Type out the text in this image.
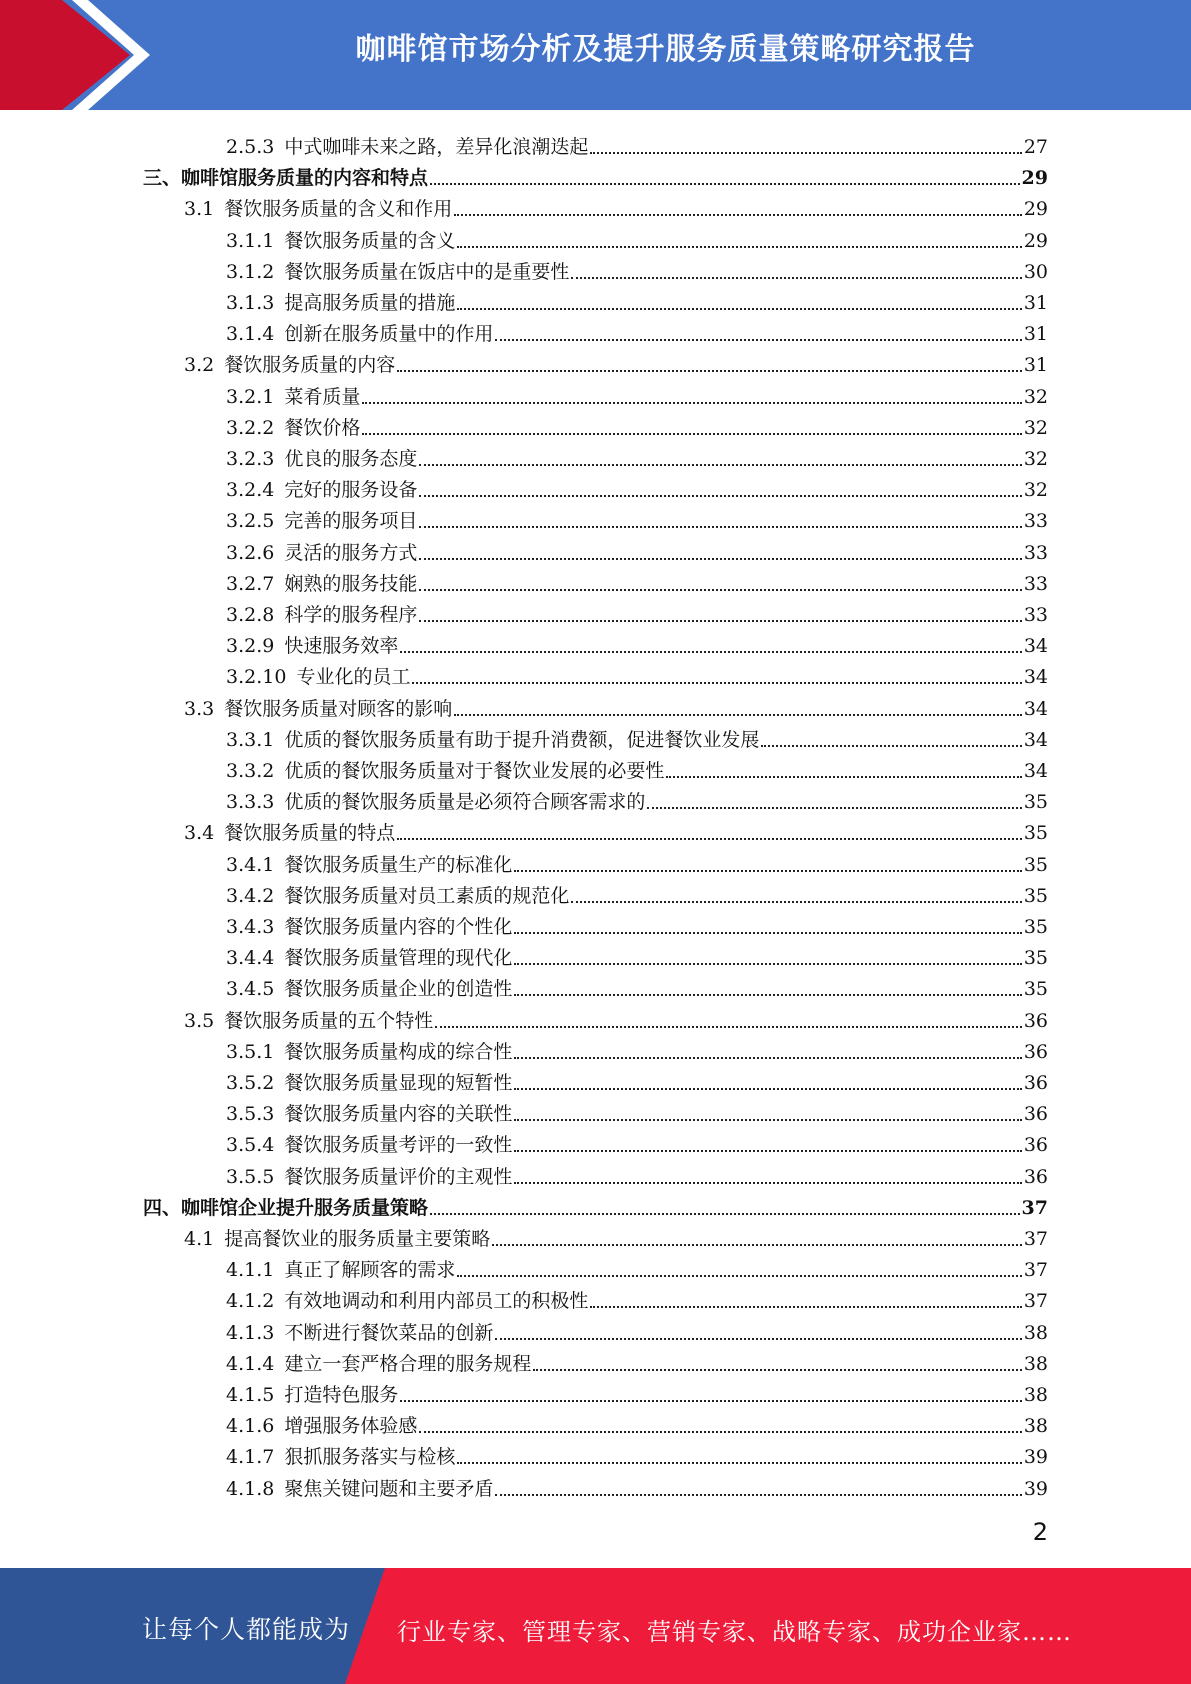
咖啡馆市场分析及提升服务质量策略研究报告
2.5.3 中式咖啡未来之路，差异化浪潮迭起	27
三、咖啡馆服务质量的内容和特点	29
3.1 餐饮服务质量的含义和作用	29
3.1.1 餐饮服务质量的含义	29
3.1.2 餐饮服务质量在饭店中的是重要性	30
3.1.3 提高服务质量的措施	31
3.1.4 创新在服务质量中的作用	31
3.2 餐饮服务质量的内容	31
3.2.1 菜肴质量	32
3.2.2 餐饮价格	32
3.2.3 优良的服务态度	32
3.2.4 完好的服务设备	32
3.2.5 完善的服务项目	33
3.2.6 灵活的服务方式	33
3.2.7 娴熟的服务技能	33
3.2.8 科学的服务程序	33
3.2.9 快速服务效率	34
3.2.10 专业化的员工	34
3.3 餐饮服务质量对顾客的影响	34
3.3.1 优质的餐饮服务质量有助于提升消费额，促进餐饮业发展	34
3.3.2 优质的餐饮服务质量对于餐饮业发展的必要性	34
3.3.3 优质的餐饮服务质量是必须符合顾客需求的	35
3.4 餐饮服务质量的特点	35
3.4.1 餐饮服务质量生产的标准化	35
3.4.2 餐饮服务质量对员工素质的规范化	35
3.4.3 餐饮服务质量内容的个性化	35
3.4.4 餐饮服务质量管理的现代化	35
3.4.5 餐饮服务质量企业的创造性	35
3.5 餐饮服务质量的五个特性	36
3.5.1 餐饮服务质量构成的综合性	36
3.5.2 餐饮服务质量显现的短暂性	36
3.5.3 餐饮服务质量内容的关联性	36
3.5.4 餐饮服务质量考评的一致性	36
3.5.5 餐饮服务质量评价的主观性	36
四、咖啡馆企业提升服务质量策略	37
4.1 提高餐饮业的服务质量主要策略	37
4.1.1 真正了解顾客的需求	37
4.1.2 有效地调动和利用内部员工的积极性	37
4.1.3 不断进行餐饮菜品的创新	38
4.1.4 建立一套严格合理的服务规程	38
4.1.5 打造特色服务	38
4.1.6 增强服务体验感	38
4.1.7 狠抓服务落实与检核	39
4.1.8 聚焦关键问题和主要矛盾	39
2
让每个人都能成为 行业专家、管理专家、营销专家、战略专家、成功企业家……
